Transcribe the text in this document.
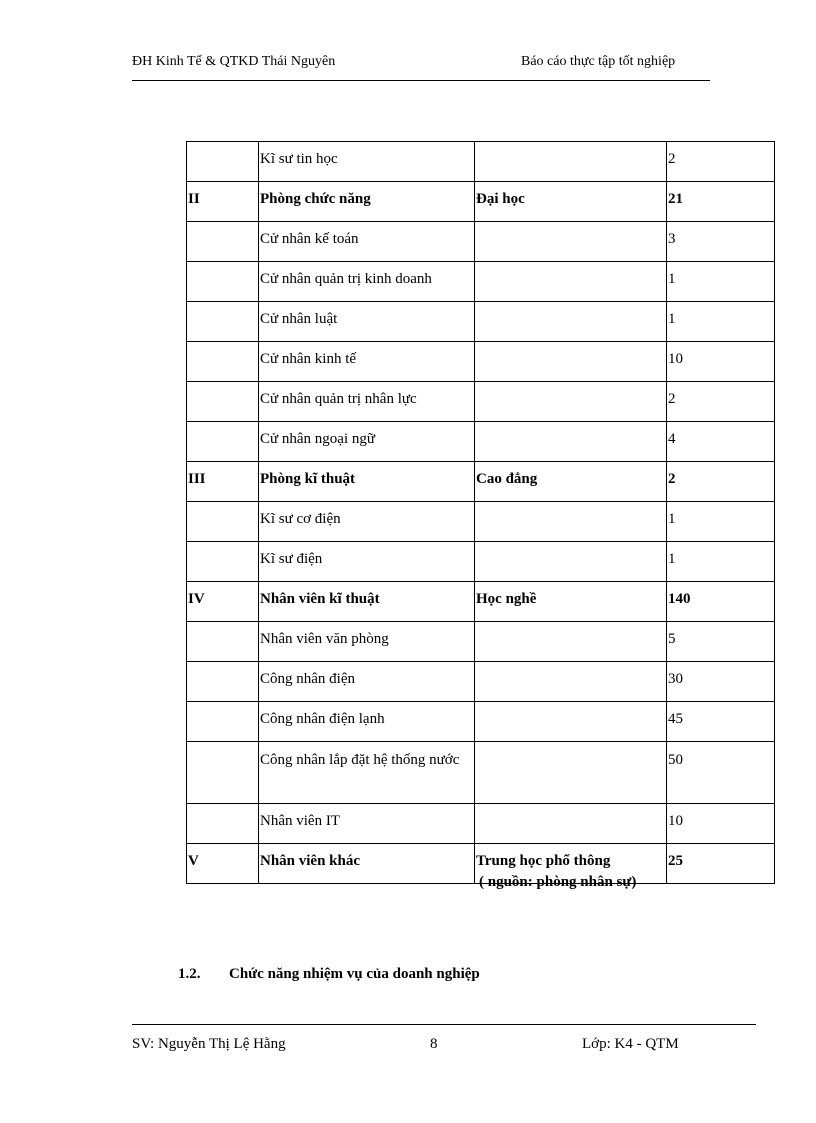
ĐH Kinh Tế & QTKD Thái Nguyên	Báo cáo thực tập tốt nghiệp
	Kĩ sư tin học		2
II	Phòng chức năng	Đại học	21
	Cử nhân kế toán		3
	Cử nhân quản trị kinh doanh		1
	Cử nhân luật		1
	Cử nhân kinh tế		10
	Cử nhân quản trị nhân lực		2
	Cử nhân ngoại ngữ		4
III	Phòng kĩ thuật	Cao đẳng	2
	Kĩ sư cơ điện		1
	Kĩ sư điện		1
IV	Nhân viên kĩ thuật	Học nghề	140
	Nhân viên văn phòng		5
	Công nhân điện		30
	Công nhân điện lạnh		45
	Công nhân lắp đặt hệ thống nước		50
	Nhân viên IT		10
V	Nhân viên khác	Trung học phổ thông	25
( nguồn: phòng nhân sự)
1.2. Chức năng nhiệm vụ của doanh nghiệp
SV: Nguyễn Thị Lệ Hằng	8	Lớp: K4 - QTM
